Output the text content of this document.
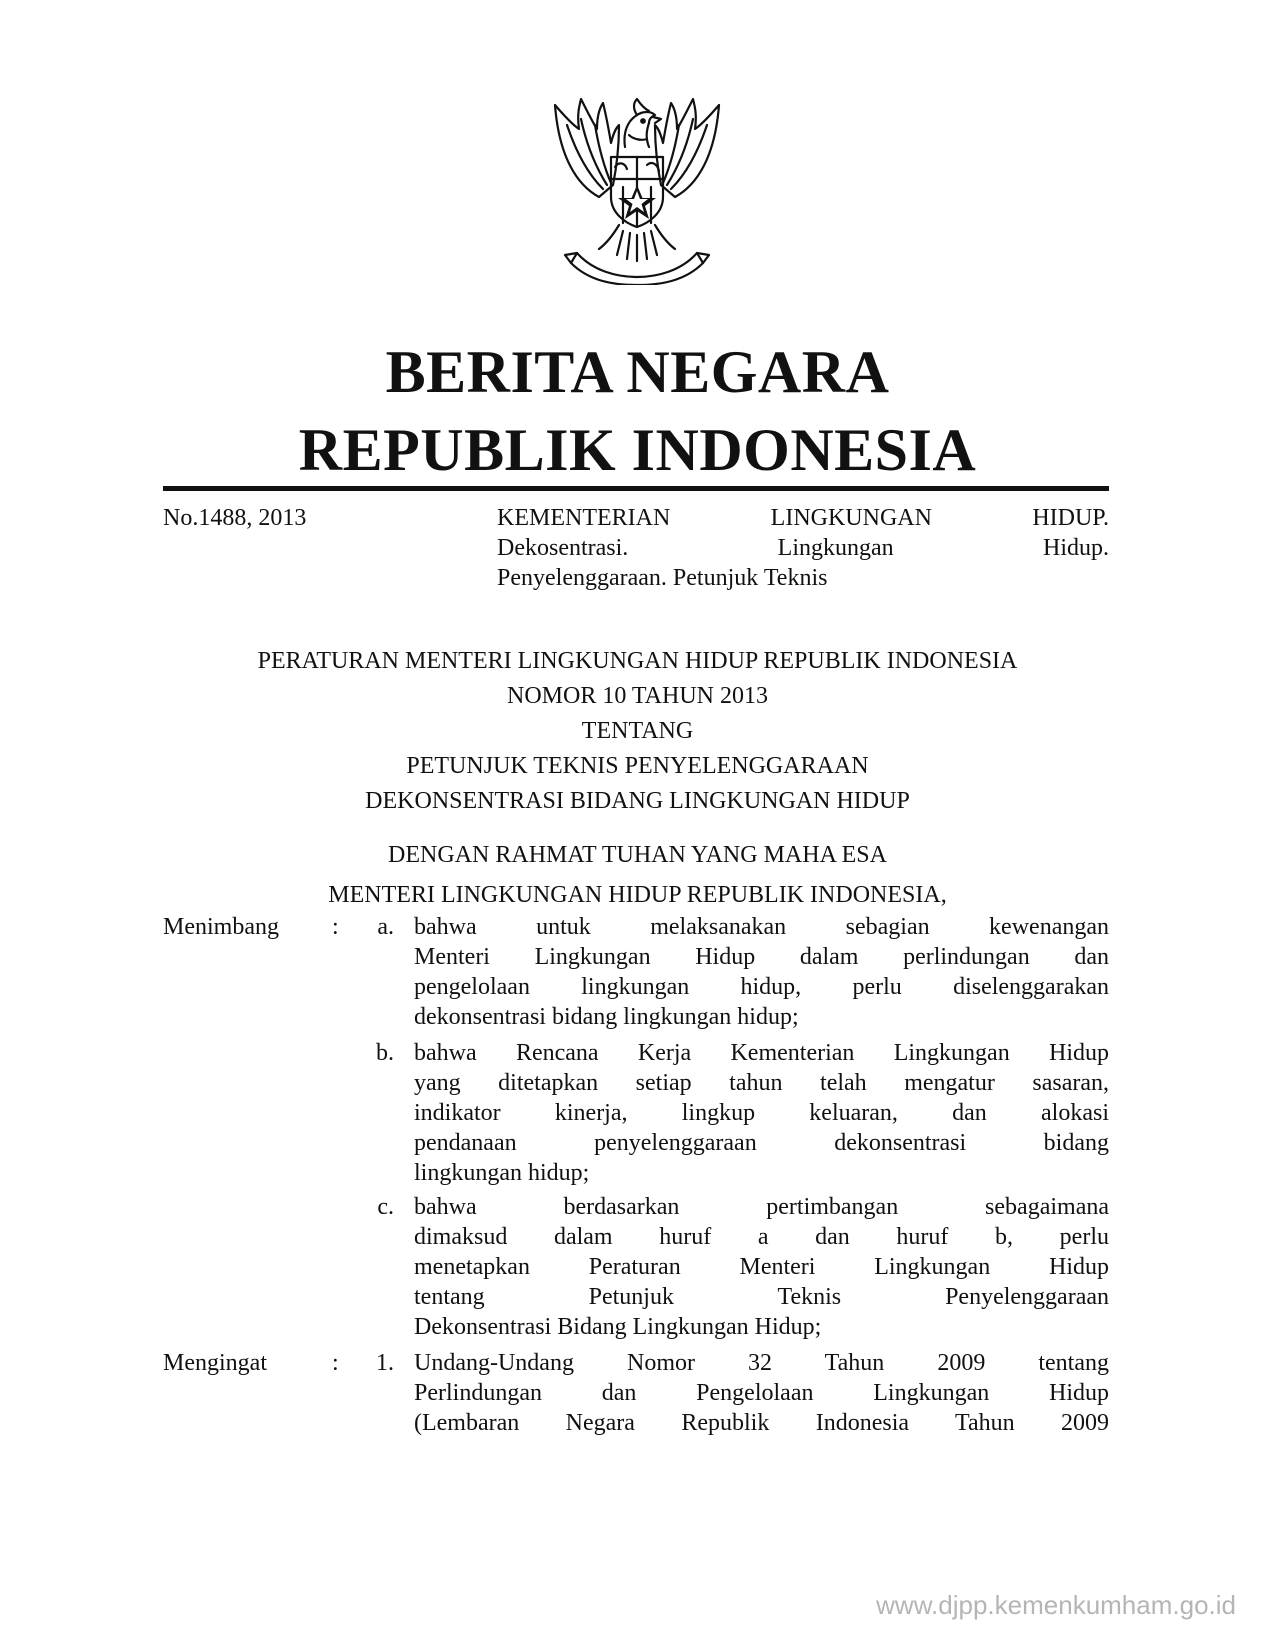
BERITA NEGARA
REPUBLIK INDONESIA
No.1488, 2013	KEMENTERIAN LINGKUNGAN HIDUP.
Dekosentrasi. Lingkungan Hidup.
Penyelenggaraan. Petunjuk Teknis
PERATURAN MENTERI LINGKUNGAN HIDUP REPUBLIK INDONESIA
NOMOR 10 TAHUN 2013
TENTANG
PETUNJUK TEKNIS PENYELENGGARAAN
DEKONSENTRASI BIDANG LINGKUNGAN HIDUP
DENGAN RAHMAT TUHAN YANG MAHA ESA
MENTERI LINGKUNGAN HIDUP REPUBLIK INDONESIA,
Menimbang :	a. bahwa untuk melaksanakan sebagian kewenangan
Menteri Lingkungan Hidup dalam perlindungan dan
pengelolaan lingkungan hidup, perlu diselenggarakan
dekonsentrasi bidang lingkungan hidup;
b. bahwa Rencana Kerja Kementerian Lingkungan Hidup
yang ditetapkan setiap tahun telah mengatur sasaran,
indikator kinerja, lingkup keluaran, dan alokasi
pendanaan penyelenggaraan dekonsentrasi bidang
lingkungan hidup;
c. bahwa berdasarkan pertimbangan sebagaimana
dimaksud dalam huruf a dan huruf b, perlu
menetapkan Peraturan Menteri Lingkungan Hidup
tentang Petunjuk Teknis Penyelenggaraan
Dekonsentrasi Bidang Lingkungan Hidup;
Mengingat	:	1. Undang-Undang Nomor 32 Tahun 2009 tentang
Perlindungan dan Pengelolaan Lingkungan Hidup
(Lembaran Negara Republik Indonesia Tahun 2009
www.djpp.kemenkumham.go.id
